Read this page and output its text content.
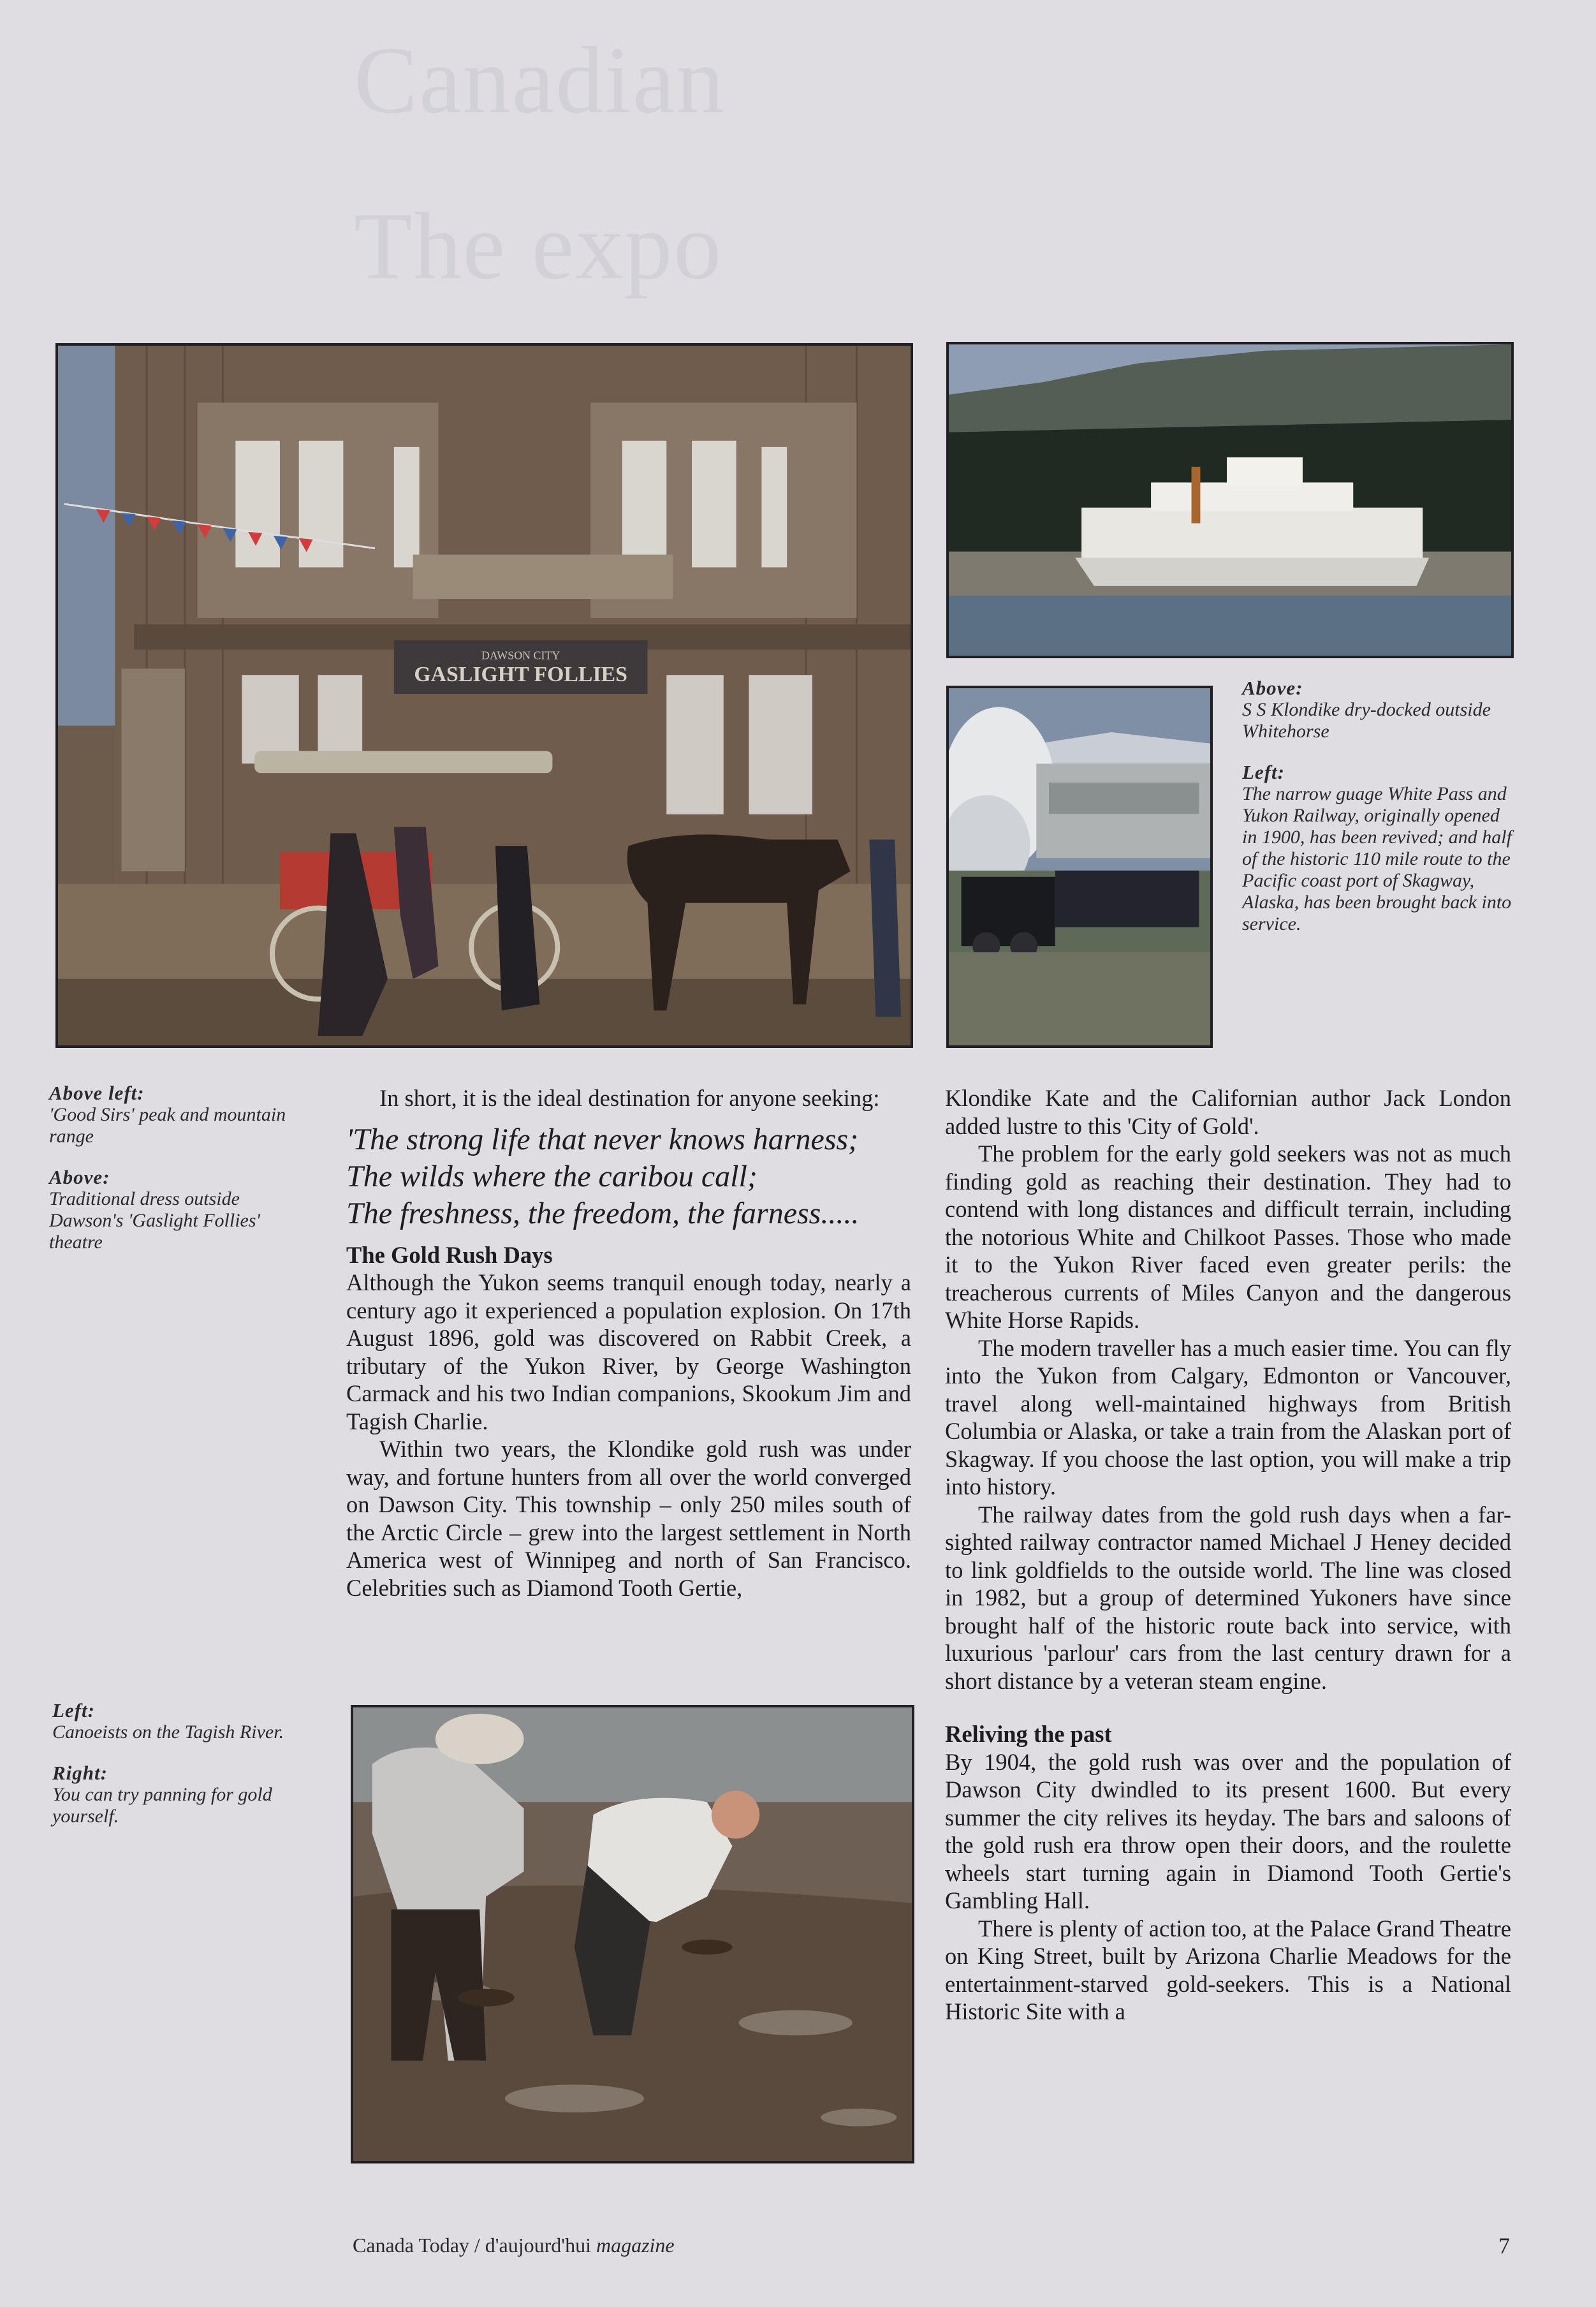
Canadian
The expo
DAWSON CITY
GASLIGHT FOLLIES
Above:
S S Klondike dry-docked outside Whitehorse
Left:
The narrow guage White Pass and Yukon Railway, originally opened in 1900, has been revived; and half of the historic 110 mile route to the Pacific coast port of Skagway, Alaska, has been brought back into service.
Above left:
'Good Sirs' peak and mountain range
Above:
Traditional dress outside Dawson's 'Gaslight Follies' theatre
Left:
Canoeists on the Tagish River.
Right:
You can try panning for gold yourself.

In short, it is the ideal destination for anyone seeking:

'The strong life that never knows harness;
The wilds where the caribou call;
The freshness, the freedom, the farness.....

The Gold Rush Days

Although the Yukon seems tranquil enough today, nearly a century ago it experienced a population explosion. On 17th August 1896, gold was discovered on Rabbit Creek, a tributary of the Yukon River, by George Washington Carmack and his two Indian companions, Skookum Jim and Tagish Charlie.

Within two years, the Klondike gold rush was under way, and fortune hunters from all over the world converged on Dawson City. This township – only 250 miles south of the Arctic Circle – grew into the largest settlement in North America west of Winnipeg and north of San Francisco. Celebrities such as Diamond Tooth Gertie,

Klondike Kate and the Californian author Jack London added lustre to this 'City of Gold'.

The problem for the early gold seekers was not as much finding gold as reaching their destination. They had to contend with long distances and difficult terrain, including the notorious White and Chilkoot Passes. Those who made it to the Yukon River faced even greater perils: the treacherous currents of Miles Canyon and the dangerous White Horse Rapids.

The modern traveller has a much easier time. You can fly into the Yukon from Calgary, Edmonton or Vancouver, travel along well-maintained highways from British Columbia or Alaska, or take a train from the Alaskan port of Skagway. If you choose the last option, you will make a trip into history.

The railway dates from the gold rush days when a far-sighted railway contractor named Michael J Heney decided to link goldfields to the outside world. The line was closed in 1982, but a group of determined Yukoners have since brought half of the historic route back into service, with luxurious 'parlour' cars from the last century drawn for a short distance by a veteran steam engine.

Reliving the past

By 1904, the gold rush was over and the population of Dawson City dwindled to its present 1600. But every summer the city relives its heyday. The bars and saloons of the gold rush era throw open their doors, and the roulette wheels start turning again in Diamond Tooth Gertie's Gambling Hall.

There is plenty of action too, at the Palace Grand Theatre on King Street, built by Arizona Charlie Meadows for the entertainment-starved gold-seekers. This is a National Historic Site with a

Canada Today / d'aujourd'hui magazine	7
